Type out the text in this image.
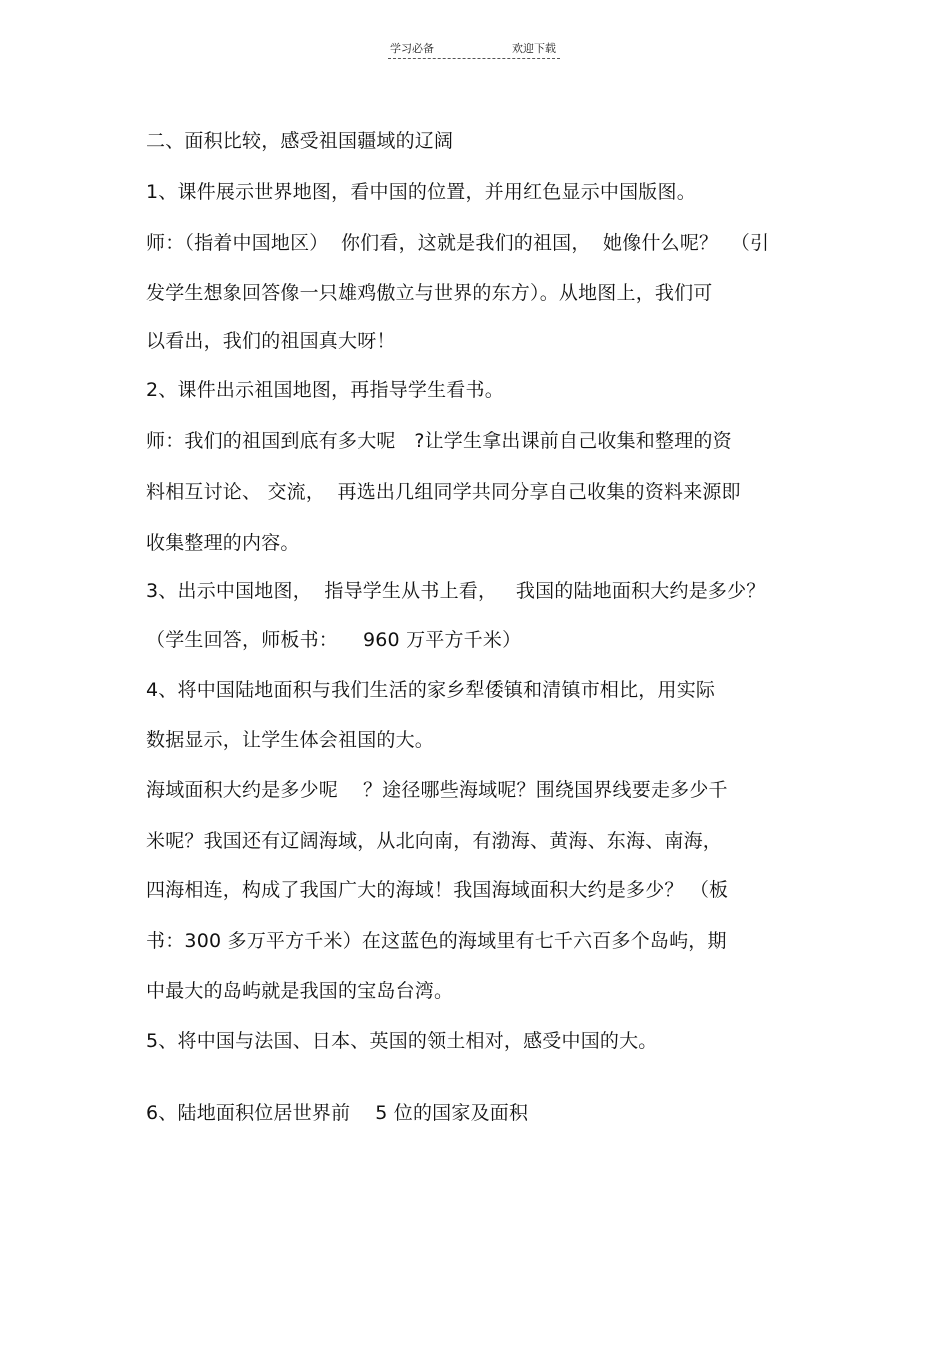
学习必备	欢迎下载
二、面积比较，感受祖国疆域的辽阔
1、课件展示世界地图，看中国的位置，并用红色显示中国版图。
师：（指着中国地区）  你们看，这就是我们的祖国，  她像什么呢？  （引
发学生想象回答像一只雄鸡傲立与世界的东方）。从地图上，我们可
以看出，我们的祖国真大呀！
2、课件出示祖国地图，再指导学生看书。
师：我们的祖国到底有多大呢   ?让学生拿出课前自己收集和整理的资
料相互讨论、 交流，  再选出几组同学共同分享自己收集的资料来源即
收集整理的内容。
3、出示中国地图，  指导学生从书上看，   我国的陆地面积大约是多少？
（学生回答，师板书：    960 万平方千米）
4、将中国陆地面积与我们生活的家乡犁倭镇和清镇市相比，用实际
数据显示，让学生体会祖国的大。
海域面积大约是多少呢    ？途径哪些海域呢？围绕国界线要走多少千
米呢？我国还有辽阔海域，从北向南，有渤海、黄海、东海、南海，
四海相连，构成了我国广大的海域！我国海域面积大约是多少？ （板
书：300 多万平方千米）在这蓝色的海域里有七千六百多个岛屿，期
中最大的岛屿就是我国的宝岛台湾。
5、将中国与法国、日本、英国的领土相对，感受中国的大。
6、陆地面积位居世界前    5 位的国家及面积
